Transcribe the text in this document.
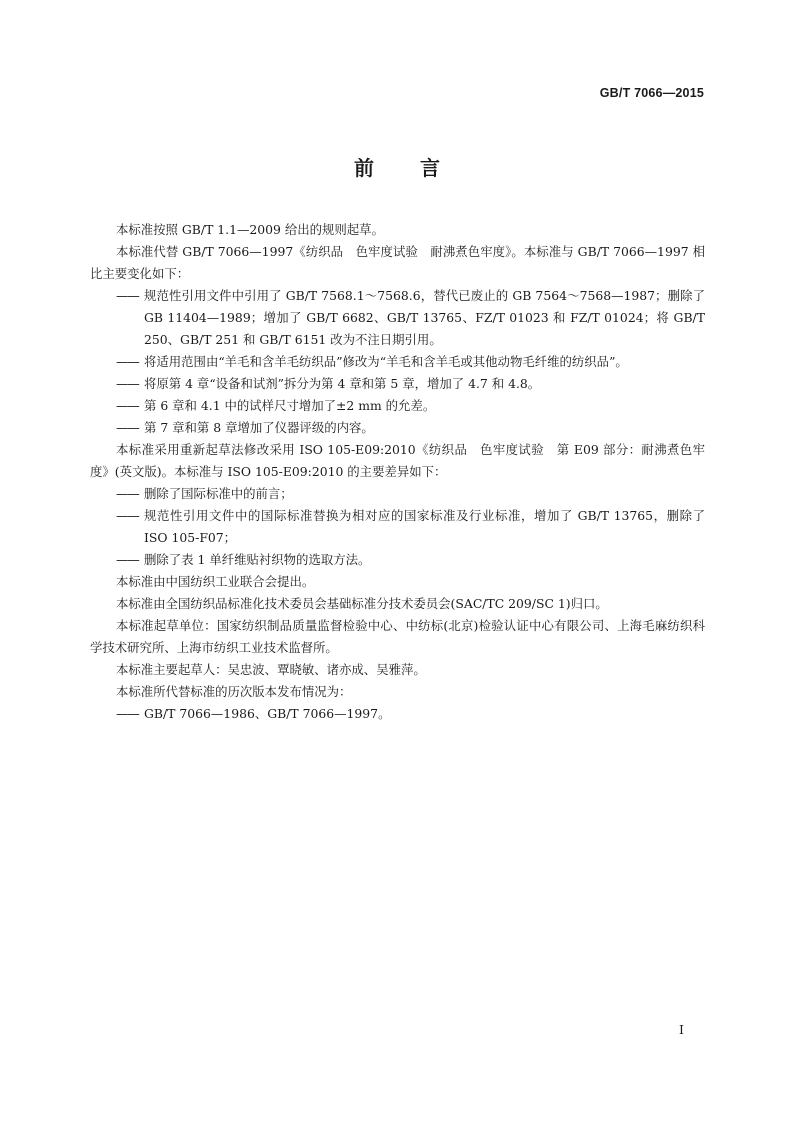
GB/T 7066—2015
前 言

本标准按照 GB/T 1.1—2009 给出的规则起草。

本标准代替 GB/T 7066—1997《纺织品　色牢度试验　耐沸煮色牢度》。本标准与 GB/T 7066—1997 相比主要变化如下：

—— 规范性引用文件中引用了 GB/T 7568.1～7568.6，替代已废止的 GB 7564～7568—1987；删除了 GB 11404—1989；增加了 GB/T 6682、GB/T 13765、FZ/T 01023 和 FZ/T 01024；将 GB/T 250、GB/T 251 和 GB/T 6151 改为不注日期引用。

—— 将适用范围由“羊毛和含羊毛纺织品”修改为“羊毛和含羊毛或其他动物毛纤维的纺织品”。

—— 将原第 4 章“设备和试剂”拆分为第 4 章和第 5 章，增加了 4.7 和 4.8。

—— 第 6 章和 4.1 中的试样尺寸增加了±2 mm 的允差。

—— 第 7 章和第 8 章增加了仪器评级的内容。

本标准采用重新起草法修改采用 ISO 105-E09:2010《纺织品　色牢度试验　第 E09 部分：耐沸煮色牢度》(英文版)。本标准与 ISO 105-E09:2010 的主要差异如下：

—— 删除了国际标准中的前言；

—— 规范性引用文件中的国际标准替换为相对应的国家标准及行业标准，增加了 GB/T 13765，删除了 ISO 105-F07；

—— 删除了表 1 单纤维贴衬织物的选取方法。

本标准由中国纺织工业联合会提出。

本标准由全国纺织品标准化技术委员会基础标准分技术委员会(SAC/TC 209/SC 1)归口。

本标准起草单位：国家纺织制品质量监督检验中心、中纺标(北京)检验认证中心有限公司、上海毛麻纺织科学技术研究所、上海市纺织工业技术监督所。

本标准主要起草人：吴忠波、覃晓敏、诸亦成、吴雅萍。

本标准所代替标准的历次版本发布情况为：

—— GB/T 7066—1986、GB/T 7066—1997。

I
